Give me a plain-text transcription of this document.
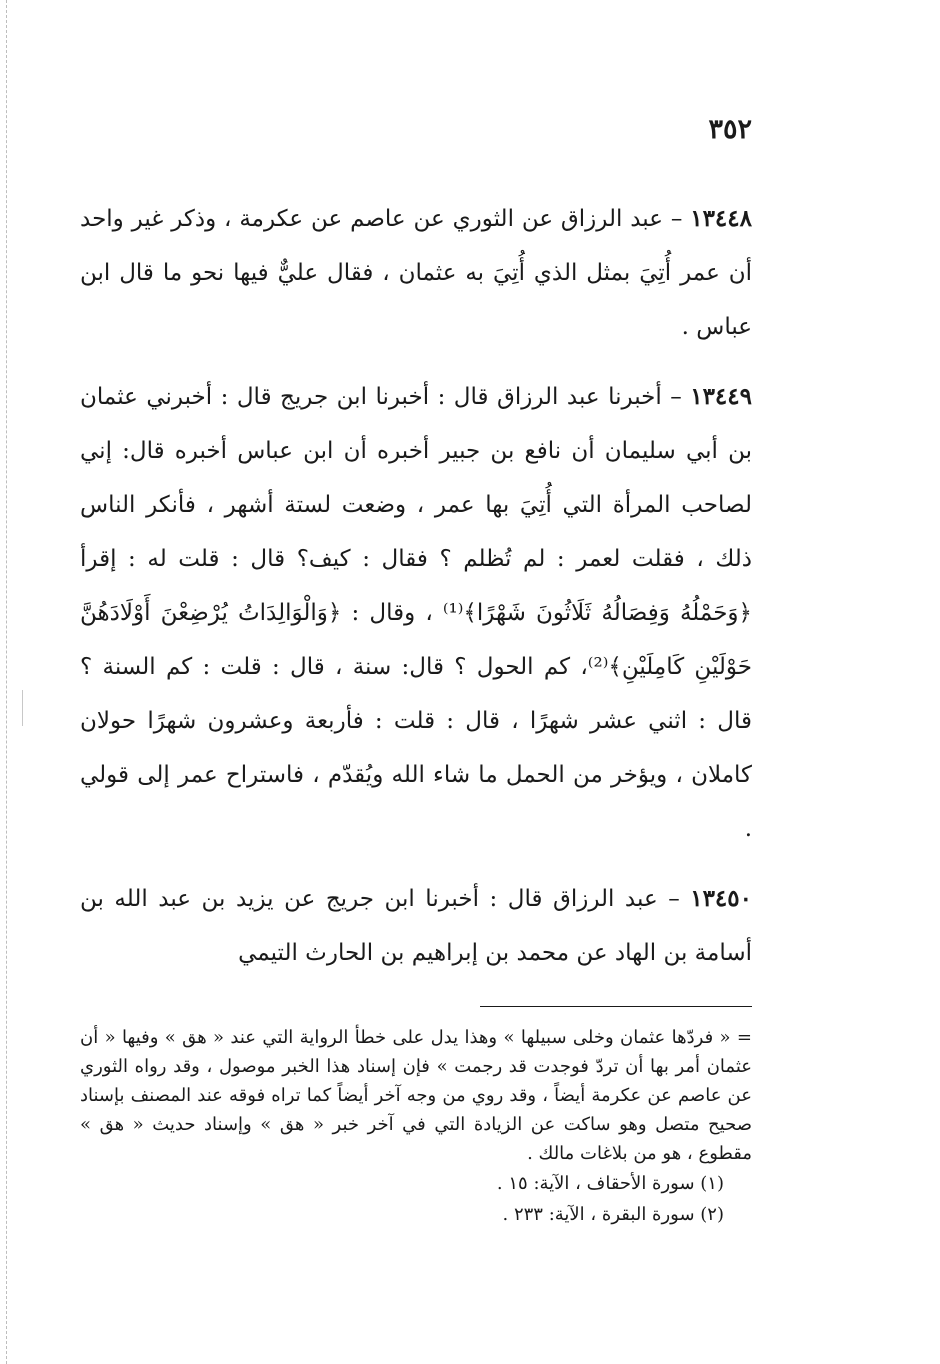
٣٥٢

١٣٤٤٨ – عبد الرزاق عن الثوري عن عاصم عن عكرمة ، وذكر غير واحد أن عمر أُتِيَ بمثل الذي أُتِيَ به عثمان ، فقال عليٌّ فيها نحو ما قال ابن عباس .

١٣٤٤٩ – أخبرنا عبد الرزاق قال : أخبرنا ابن جريج قال : أخبرني عثمان بن أبي سليمان أن نافع بن جبير أخبره أن ابن عباس أخبره قال: إني لصاحب المرأة التي أُتِيَ بها عمر ، وضعت لستة أشهر ، فأنكر الناس ذلك ، فقلت لعمر : لم تُظلم ؟ فقال : كيف؟ قال : قلت له : إقرأ ﴿وَحَمْلُهُ وَفِصَالُهُ ثَلَاثُونَ شَهْرًا﴾⁽¹⁾ ، وقال : ﴿وَالْوَالِدَاتُ يُرْضِعْنَ أَوْلَادَهُنَّ حَوْلَيْنِ كَامِلَيْنِ﴾⁽²⁾، كم الحول ؟ قال: سنة ، قال : قلت : كم السنة ؟ قال : اثني عشر شهرًا ، قال : قلت : فأربعة وعشرون شهرًا حولان كاملان ، ويؤخر من الحمل ما شاء الله ويُقدّم ، فاستراح عمر إلى قولي .

١٣٤٥٠ – عبد الرزاق قال : أخبرنا ابن جريج عن يزيد بن عبد الله بن أسامة بن الهاد عن محمد بن إبراهيم بن الحارث التيمي

= « فردّها عثمان وخلى سبيلها » وهذا يدل على خطأ الرواية التي عند « هق » وفيها « أن عثمان أمر بها أن تردّ فوجدت قد رجمت » فإن إسناد هذا الخبر موصول ، وقد رواه الثوري عن عاصم عن عكرمة أيضاً ، وقد روي من وجه آخر أيضاً كما تراه فوقه عند المصنف بإسناد صحيح متصل وهو ساكت عن الزيادة التي في آخر خبر « هق » وإسناد حديث « هق » مقطوع ، هو من بلاغات مالك .

(١) سورة الأحقاف ، الآية: ١٥ .

(٢) سورة البقرة ، الآية: ٢٣٣ .
